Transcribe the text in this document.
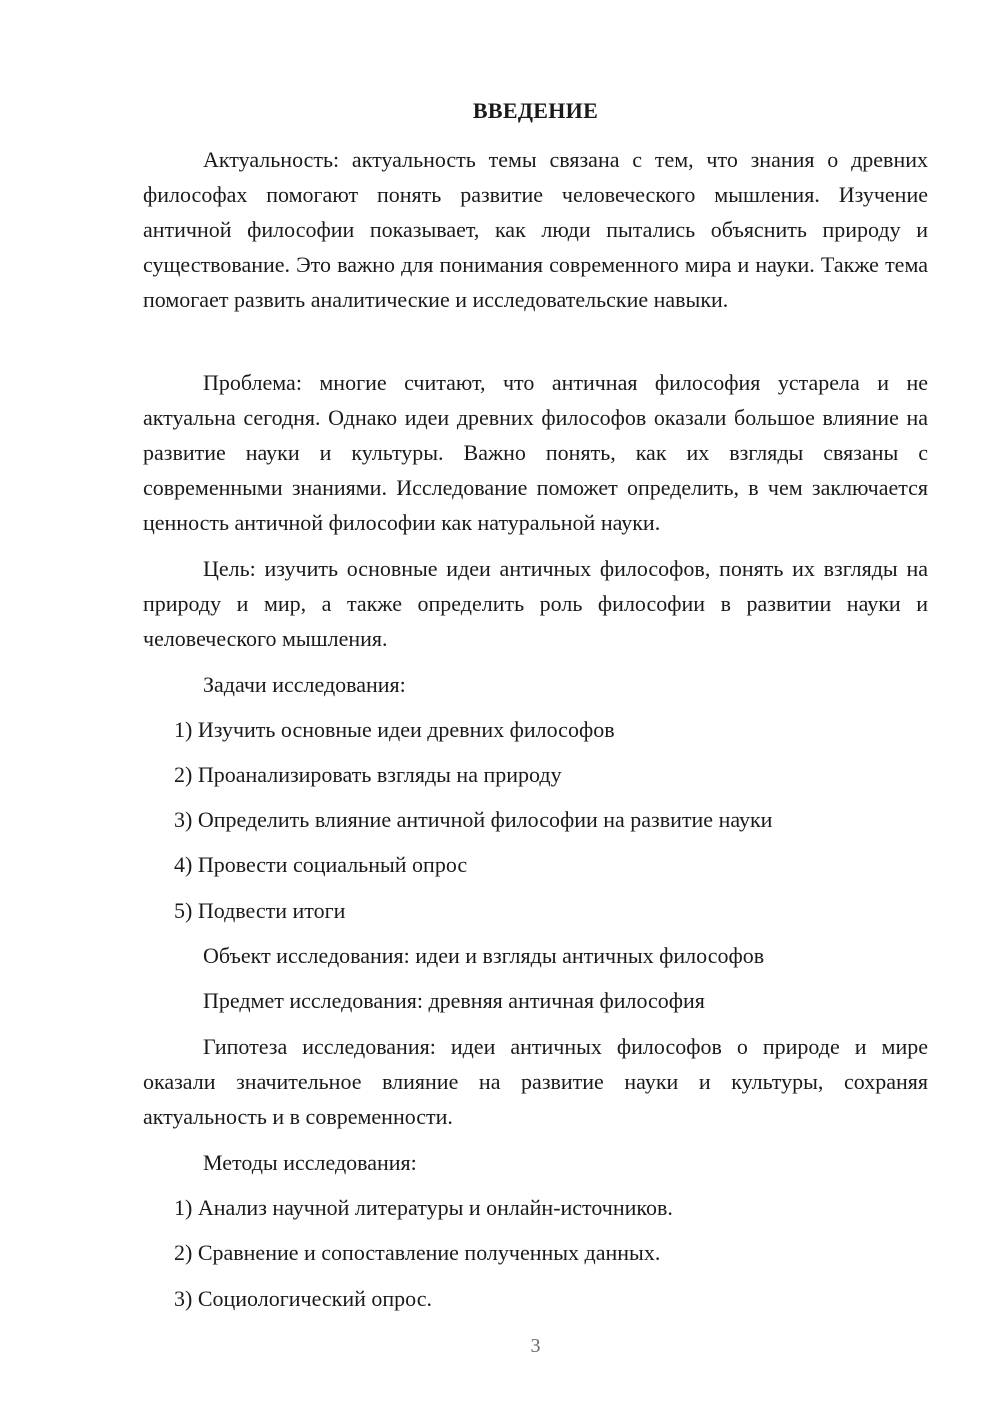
ВВЕДЕНИЕ

Актуальность: актуальность темы связана с тем, что знания о древних философах помогают понять развитие человеческого мышления. Изучение античной философии показывает, как люди пытались объяснить природу и существование. Это важно для понимания современного мира и науки. Также тема помогает развить аналитические и исследовательские навыки.

Проблема: многие считают, что античная философия устарела и не актуальна сегодня. Однако идеи древних философов оказали большое влияние на развитие науки и культуры. Важно понять, как их взгляды связаны с современными знаниями. Исследование поможет определить, в чем заключается ценность античной философии как натуральной науки.

Цель: изучить основные идеи античных философов, понять их взгляды на природу и мир, а также определить роль философии в развитии науки и человеческого мышления.

Задачи исследования:

1) Изучить основные идеи древних философов

2) Проанализировать взгляды на природу

3) Определить влияние античной философии на развитие науки

4) Провести социальный опрос

5) Подвести итоги

Объект исследования: идеи и взгляды античных философов

Предмет исследования: древняя античная философия

Гипотеза исследования: идеи античных философов о природе и мире оказали значительное влияние на развитие науки и культуры, сохраняя актуальность и в современности.

Методы исследования:

1) Анализ научной литературы и онлайн-источников.

2) Сравнение и сопоставление полученных данных.

3) Социологический опрос.

3
